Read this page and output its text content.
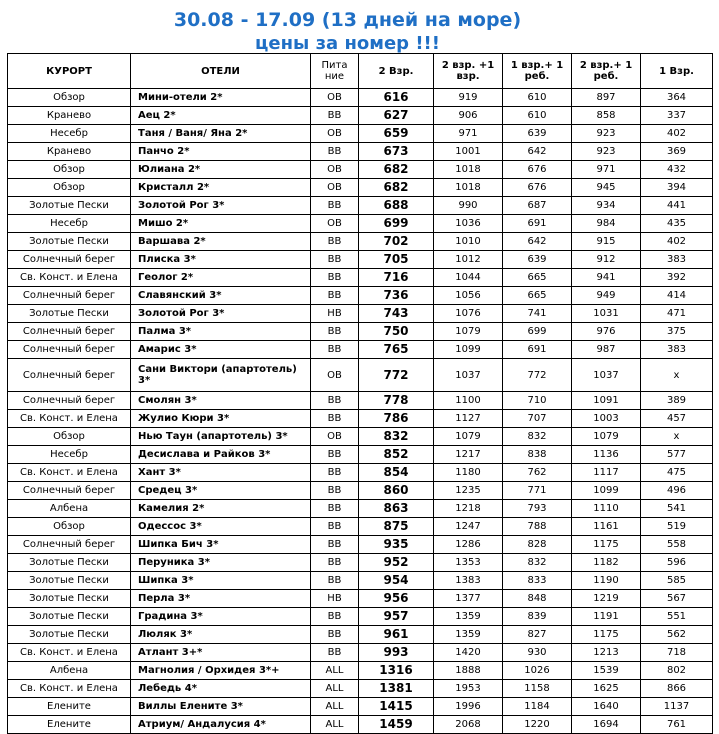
30.08 - 17.09 (13 дней на море)
цены за номер !!!
КУРОРТ	ОТЕЛИ	Пита ние	2 Взр.	2 взр. +1 взр.	1 взр.+ 1 реб.	2 взр.+ 1 реб.	1 Взр.
Обзор	Мини-отели 2*	ОВ	616	919	610	897	364
Кранево	Аец 2*	ВВ	627	906	610	858	337
Несебр	Таня / Ваня/ Яна 2*	ОВ	659	971	639	923	402
Кранево	Панчо 2*	ВВ	673	1001	642	923	369
Обзор	Юлиана 2*	ОВ	682	1018	676	971	432
Обзор	Кристалл 2*	ОВ	682	1018	676	945	394
Золотые Пески	Золотой Рог 3*	ВВ	688	990	687	934	441
Несебр	Мишо 2*	ОВ	699	1036	691	984	435
Золотые Пески	Варшава 2*	ВВ	702	1010	642	915	402
Солнечный берег	Плиска 3*	ВВ	705	1012	639	912	383
Св. Конст. и Елена	Геолог 2*	ВВ	716	1044	665	941	392
Солнечный берег	Славянский 3*	ВВ	736	1056	665	949	414
Золотые Пески	Золотой Рог 3*	НВ	743	1076	741	1031	471
Солнечный берег	Палма 3*	ВВ	750	1079	699	976	375
Солнечный берег	Амарис 3*	ВВ	765	1099	691	987	383
Солнечный берег	Сани Виктори (апартотель) 3*	ОВ	772	1037	772	1037	x
Солнечный берег	Смолян 3*	ВВ	778	1100	710	1091	389
Св. Конст. и Елена	Жулио Кюри 3*	ВВ	786	1127	707	1003	457
Обзор	Нью Таун (апартотель) 3*	ОВ	832	1079	832	1079	x
Несебр	Десислава и Райков 3*	ВВ	852	1217	838	1136	577
Св. Конст. и Елена	Хант 3*	ВВ	854	1180	762	1117	475
Солнечный берег	Средец 3*	ВВ	860	1235	771	1099	496
Албена	Камелия 2*	ВВ	863	1218	793	1110	541
Обзор	Одессос 3*	ВВ	875	1247	788	1161	519
Солнечный берег	Шипка Бич 3*	ВВ	935	1286	828	1175	558
Золотые Пески	Перуника 3*	ВВ	952	1353	832	1182	596
Золотые Пески	Шипка 3*	ВВ	954	1383	833	1190	585
Золотые Пески	Перла 3*	НВ	956	1377	848	1219	567
Золотые Пески	Градина 3*	ВВ	957	1359	839	1191	551
Золотые Пески	Люляк 3*	ВВ	961	1359	827	1175	562
Св. Конст. и Елена	Атлант 3+*	ВВ	993	1420	930	1213	718
Албена	Магнолия / Орхидея 3*+	ALL	1316	1888	1026	1539	802
Св. Конст. и Елена	Лебедь 4*	ALL	1381	1953	1158	1625	866
Елените	Виллы Елените 3*	ALL	1415	1996	1184	1640	1137
Елените	Атриум/ Андалусия 4*	ALL	1459	2068	1220	1694	761
